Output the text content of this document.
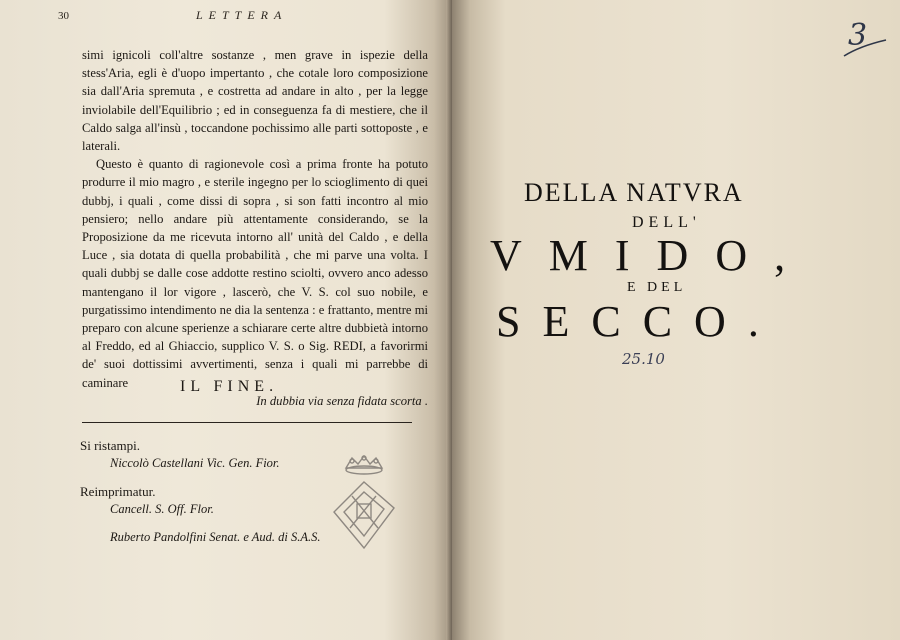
30	LETTERA

simi ignicoli coll'altre sostanze , men grave in ispezie della stess'Aria, egli è d'uopo impertanto , che cotale loro composizione sia dall'Aria spremuta , e costretta ad andare in alto , per la legge inviolabile dell'Equilibrio ; ed in conseguenza fa di mestiere, che il Caldo salga all'insù , toccandone pochissimo alle parti sottoposte , e laterali.

Questo è quanto di ragionevole così a prima fronte ha potuto produrre il mio magro , e sterile ingegno per lo scioglimento di quei dubbj, i quali , come dissi di sopra , si son fatti incontro al mio pensiero; nello andare più attentamente considerando, se la Proposizione da me ricevuta intorno all' unità del Caldo , e della Luce , sia dotata di quella probabilità , che mi parve una volta. I quali dubbj se dalle cose addotte restino sciolti, ovvero anco adesso mantengano il lor vigore , lascerò, che V. S. col suo nobile, e purgatissimo intendimento ne dia la sentenza : e frattanto, mentre mi preparo con alcune sperienze a schiarare certe altre dubbietà intorno al Freddo, ed al Ghiaccio, supplico V. S. o Sig. REDI, a favorirmi de' suoi dottissimi avvertimenti, senza i quali mi parrebbe di caminare

In dubbia via senza fidata scorta .

IL FINE.
Si ristampi.
Niccolò Castellani Vic. Gen. Fior.
Reimprimatur.
Cancell. S. Off. Flor.
Ruberto Pandolfini Senat. e Aud. di S.A.S.
DELLA NATVRA
DELL'
VMIDO,
E DEL
SECCO.
3
25.10
